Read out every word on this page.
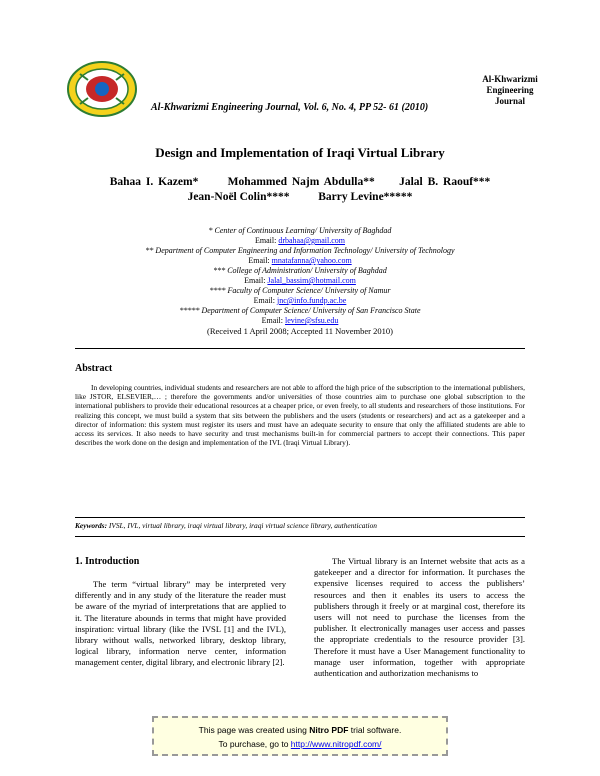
Al-Khwarizmi
Engineering
Journal
Al-Khwarizmi Engineering Journal, Vol. 6, No. 4, PP 52- 61 (2010)
Design and Implementation of Iraqi Virtual Library
Bahaa I. Kazem*      Mohammed Najm Abdulla**     Jalal B. Raouf***
Jean-Noël Colin****          Barry Levine*****
* Center of Continuous Learning/ University of Baghdad
Email: drbahaa@gmail.com
** Department of Computer Engineering and Information Technology/ University of Technology
Email: mnatafanna@yahoo.com
*** College of Administration/ University of Baghdad
Email: Jalal_bassim@hotmail.com
**** Faculty of Computer Science/ University of Namur
Email: jnc@info.fundp.ac.be
***** Department of Computer Science/ University of San Francisco State
Email: levine@sfsu.edu
(Received 1 April 2008; Accepted 11 November 2010)
Abstract
In developing countries, individual students and researchers are not able to afford the high price of the subscription to the international publishers, like JSTOR, ELSEVIER,… ; therefore the governments and/or universities of those countries aim to purchase one global subscription to the international publishers to provide their educational resources at a cheaper price, or even freely, to all students and researchers of those institutions. For realizing this concept, we must build a system that sits between the publishers and the users (students or researchers) and act as a gatekeeper and a director of information: this system must register its users and must have an adequate security to ensure that only the affiliated students are able to access its services. It also needs to have security and trust mechanisms built-in for commercial partners to accept their connections. This paper describes the work done on the design and implementation of the IVL (Iraqi Virtual Library).
Keywords: IVSL, IVL, virtual library, iraqi virtual library, iraqi virtual science library, authentication
1. Introduction
The term “virtual library” may be interpreted very differently and in any study of the literature the reader must be aware of the myriad of interpretations that are applied to it. The literature abounds in terms that might have provided inspiration: virtual library (like the IVSL [1] and the IVL), library without walls, networked library, desktop library, logical library, information nerve center, information management center, digital library, and electronic library [2].
The Virtual library is an Internet website that acts as a gatekeeper and a director for information. It purchases the expensive licenses required to access the publishers’ resources and then it enables its users to access the publishers through it freely or at marginal cost, therefore its users will not need to purchase the licenses from the publisher. It electronically manages user access and passes the appropriate credentials to the resource provider [3]. Therefore it must have a User Management functionality to manage user information, together with appropriate authentication and authorization mechanisms to
This page was created using Nitro PDF trial software.
To purchase, go to http://www.nitropdf.com/
